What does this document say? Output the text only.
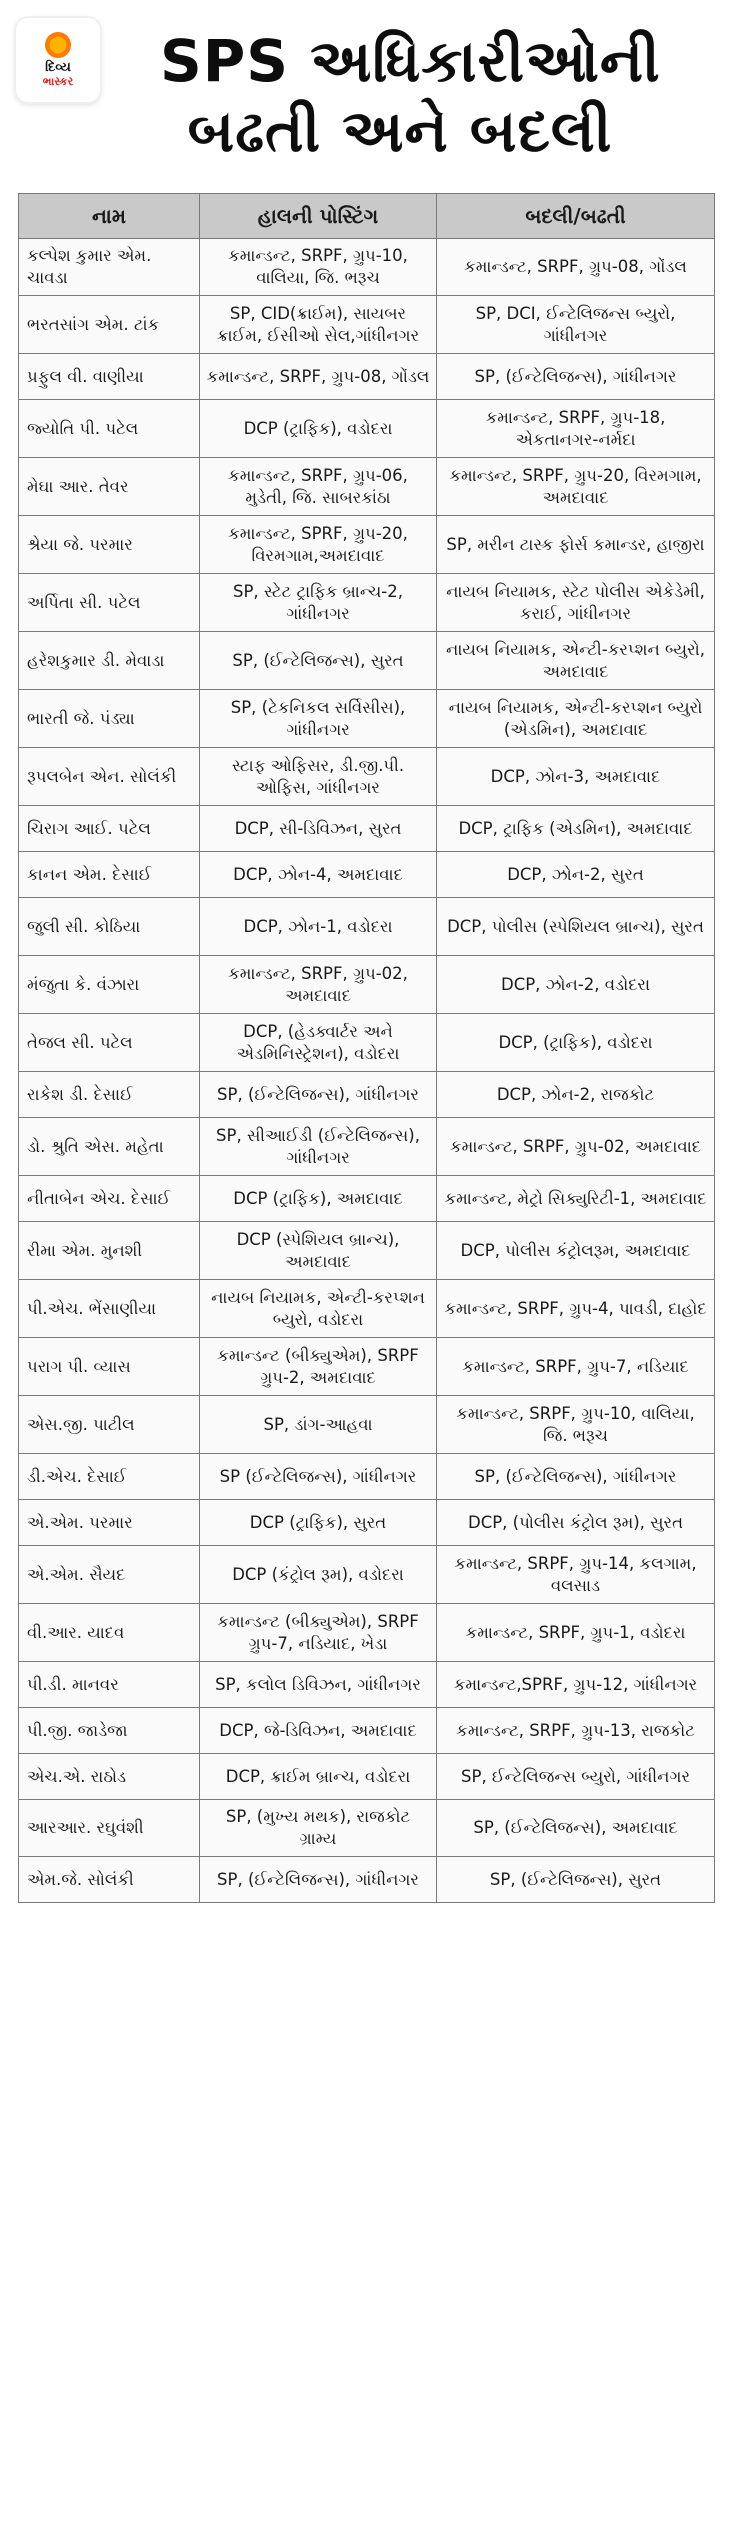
દિવ્ય
ભાસ્કર SPS અધિકારીઓની
બઢતી અને બદલી
નામ	હાલની પોસ્ટિંગ	બદલી/બઢતી
કલ્પેશ કુમાર એમ. ચાવડા	કમાન્ડન્ટ, SRPF, ગ્રુપ-10, વાલિયા, જિ. ભરૂચ	કમાન્ડન્ટ, SRPF, ગ્રુપ-08, ગોંડલ
ભરતસાંગ એમ. ટાંક	SP, CID(ક્રાઈમ), સાયબર ક્રાઈમ, ઈસીઓ સેલ,ગાંધીનગર	SP, DCI, ઈન્ટેલિજન્સ બ્યુરો, ગાંધીનગર
પ્રફુલ વી. વાણીયા	કમાન્ડન્ટ, SRPF, ગ્રુપ-08, ગોંડલ	SP, (ઈન્ટેલિજન્સ), ગાંધીનગર
જ્યોતિ પી. પટેલ	DCP (ટ્રાફિક), વડોદરા	કમાન્ડન્ટ, SRPF, ગ્રુપ-18, એકતાનગર-નર્મદા
મેઘા આર. તેવર	કમાન્ડન્ટ, SRPF, ગ્રુપ-06, મુડેતી, જિ. સાબરકાંઠા	કમાન્ડન્ટ, SRPF, ગ્રુપ-20, વિરમગામ, અમદાવાદ
શ્રેયા જે. પરમાર	કમાન્ડન્ટ, SPRF, ગ્રુપ-20, વિરમગામ,અમદાવાદ	SP, મરીન ટાસ્ક ફોર્સ કમાન્ડર, હાજીરા
અર્પિતા સી. પટેલ	SP, સ્ટેટ ટ્રાફિક બ્રાન્ચ-2, ગાંધીનગર	નાયબ નિયામક, સ્ટેટ પોલીસ એકેડેમી, કરાઈ, ગાંધીનગર
હરેશકુમાર ડી. મેવાડા	SP, (ઈન્ટેલિજન્સ), સુરત	નાયબ નિયામક, એન્ટી-કરપ્શન બ્યુરો, અમદાવાદ
ભારતી જે. પંડ્યા	SP, (ટેકનિકલ સર્વિસીસ), ગાંધીનગર	નાયબ નિયામક, એન્ટી-કરપ્શન બ્યુરો (એડમિન), અમદાવાદ
રૂપલબેન એન. સોલંકી	સ્ટાફ ઓફિસર, ડી.જી.પી. ઓફિસ, ગાંધીનગર	DCP, ઝોન-3, અમદાવાદ
ચિરાગ આઈ. પટેલ	DCP, સી-ડિવિઝન, સુરત	DCP, ટ્રાફિક (એડમિન), અમદાવાદ
કાનન એમ. દેસાઈ	DCP, ઝોન-4, અમદાવાદ	DCP, ઝોન-2, સુરત
જુલી સી. કોઠિયા	DCP, ઝોન-1, વડોદરા	DCP, પોલીસ (સ્પેશિયલ બ્રાન્ચ), સુરત
મંજુતા કે. વંઝારા	કમાન્ડન્ટ, SRPF, ગ્રુપ-02, અમદાવાદ	DCP, ઝોન-2, વડોદરા
તેજલ સી. પટેલ	DCP, (હેડક્વાર્ટર અને એડમિનિસ્ટ્રેશન), વડોદરા	DCP, (ટ્રાફિક), વડોદરા
રાકેશ ડી. દેસાઈ	SP, (ઈન્ટેલિજન્સ), ગાંધીનગર	DCP, ઝોન-2, રાજકોટ
ડો. શ્રુતિ એસ. મહેતા	SP, સીઆઈડી (ઈન્ટેલિજન્સ), ગાંધીનગર	કમાન્ડન્ટ, SRPF, ગ્રુપ-02, અમદાવાદ
નીતાબેન એચ. દેસાઈ	DCP (ટ્રાફિક), અમદાવાદ	કમાન્ડન્ટ, મેટ્રો સિક્યુરિટી-1, અમદાવાદ
રીમા એમ. મુનશી	DCP (સ્પેશિયલ બ્રાન્ચ), અમદાવાદ	DCP, પોલીસ કંટ્રોલરૂમ, અમદાવાદ
પી.એચ. ભેંસાણીયા	નાયબ નિયામક, એન્ટી-કરપ્શન બ્યુરો, વડોદરા	કમાન્ડન્ટ, SRPF, ગ્રુપ-4, પાવડી, દાહોદ
પરાગ પી. વ્યાસ	કમાન્ડન્ટ (બીક્યુએમ), SRPF ગ્રુપ-2, અમદાવાદ	કમાન્ડન્ટ, SRPF, ગ્રુપ-7, નડિયાદ
એસ.જી. પાટીલ	SP, ડાંગ-આહવા	કમાન્ડન્ટ, SRPF, ગ્રુપ-10, વાલિયા, જિ. ભરૂચ
ડી.એચ. દેસાઈ	SP (ઈન્ટેલિજન્સ), ગાંધીનગર	SP, (ઈન્ટેલિજન્સ), ગાંધીનગર
એ.એમ. પરમાર	DCP (ટ્રાફિક), સુરત	DCP, (પોલીસ કંટ્રોલ રૂમ), સુરત
એ.એમ. સૈયદ	DCP (કંટ્રોલ રૂમ), વડોદરા	કમાન્ડન્ટ, SRPF, ગ્રુપ-14, કલગામ, વલસાડ
વી.આર. યાદવ	કમાન્ડન્ટ (બીક્યુએમ), SRPF ગ્રુપ-7, નડિયાદ, ખેડા	કમાન્ડન્ટ, SRPF, ગ્રુપ-1, વડોદરા
પી.ડી. માનવર	SP, કલોલ ડિવિઝન, ગાંધીનગર	કમાન્ડન્ટ,SPRF, ગ્રુપ-12, ગાંધીનગર
પી.જી. જાડેજા	DCP, જે-ડિવિઝન, અમદાવાદ	કમાન્ડન્ટ, SRPF, ગ્રુપ-13, રાજકોટ
એચ.એ. રાઠોડ	DCP, ક્રાઈમ બ્રાન્ચ, વડોદરા	SP, ઈન્ટેલિજન્સ બ્યુરો, ગાંધીનગર
આરઆર. રઘુવંશી	SP, (મુખ્ય મથક), રાજકોટ ગ્રામ્ય	SP, (ઈન્ટેલિજન્સ), અમદાવાદ
એમ.જે. સોલંકી	SP, (ઈન્ટેલિજન્સ), ગાંધીનગર	SP, (ઈન્ટેલિજન્સ), સુરત
